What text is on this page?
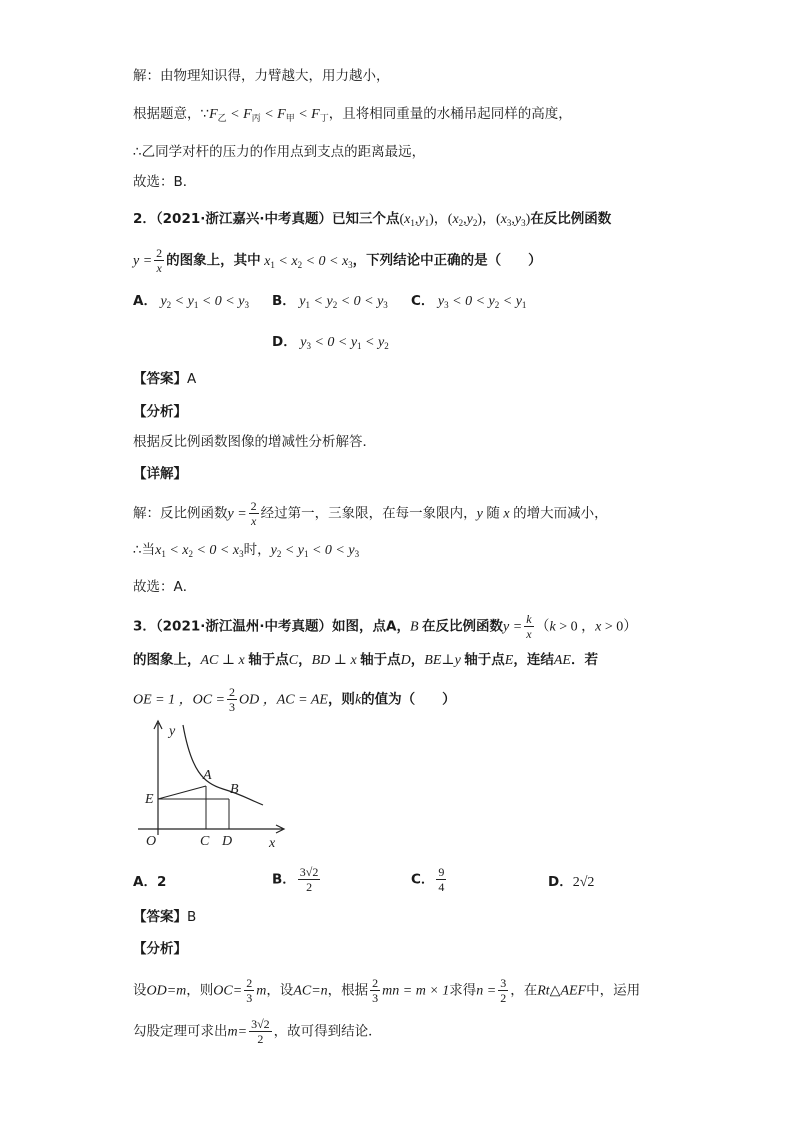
解：由物理知识得，力臂越大，用力越小，
根据题意，$\because F_乙 < F_丙 < F_甲 < F_丁$，且将相同重量的水桶吊起同样的高度，
∴乙同学对杆的压力的作用点到支点的距离最远，
故选：B．
2．（2021·浙江嘉兴·中考真题）已知三个点$(x_1,y_1)$，$(x_2,y_2)$，$(x_3,y_3)$在反比例函数
$y = \frac{2}{x}$ 的图象上，其中 $x_1 < x_2 < 0 < x_3$，下列结论中正确的是（　　）
A． $y_2 < y_1 < 0 < y_3$ B． $y_1 < y_2 < 0 < y_3$ C． $y_3 < 0 < y_2 < y_1$
D． $y_3 < 0 < y_1 < y_2$
【答案】A
【分析】
根据反比例函数图像的增减性分析解答．
【详解】
解：反比例函数$y = \frac{2}{x}$ 经过第一，三象限，在每一象限内，y 随 x 的增大而减小，
∴当$x_1 < x_2 < 0 < x_3$时，$y_2 < y_1 < 0 < y_3$
故选：A．
3．（2021·浙江温州·中考真题）如图，点A，B 在反比例函数$y = \frac{k}{x} (k > 0$ ，x > 0）
的图象上，AC ⊥ x 轴于点C，BD ⊥ x 轴于点D，BE⊥y 轴于点E，连结AE．若
OE = 1 ，OC = $\frac{2}{3}$ OD ，AC = AE，则k的值为（　　）
y
x
O
A
B
C D
E
A．2	B． $\frac{3√2}{2}$	C． $\frac{9}{4}$	D．2√2
【答案】B
【分析】
设OD=m，则$OC= \frac{2}{3}$ m，设AC=n，根据 $\frac{2}{3}$ mn = m × 1求得$n = \frac{3}{2}$ ，在Rt△AEF中，运用
勾股定理可求出$m= \frac{3√2}{2}$ ，故可得到结论．
